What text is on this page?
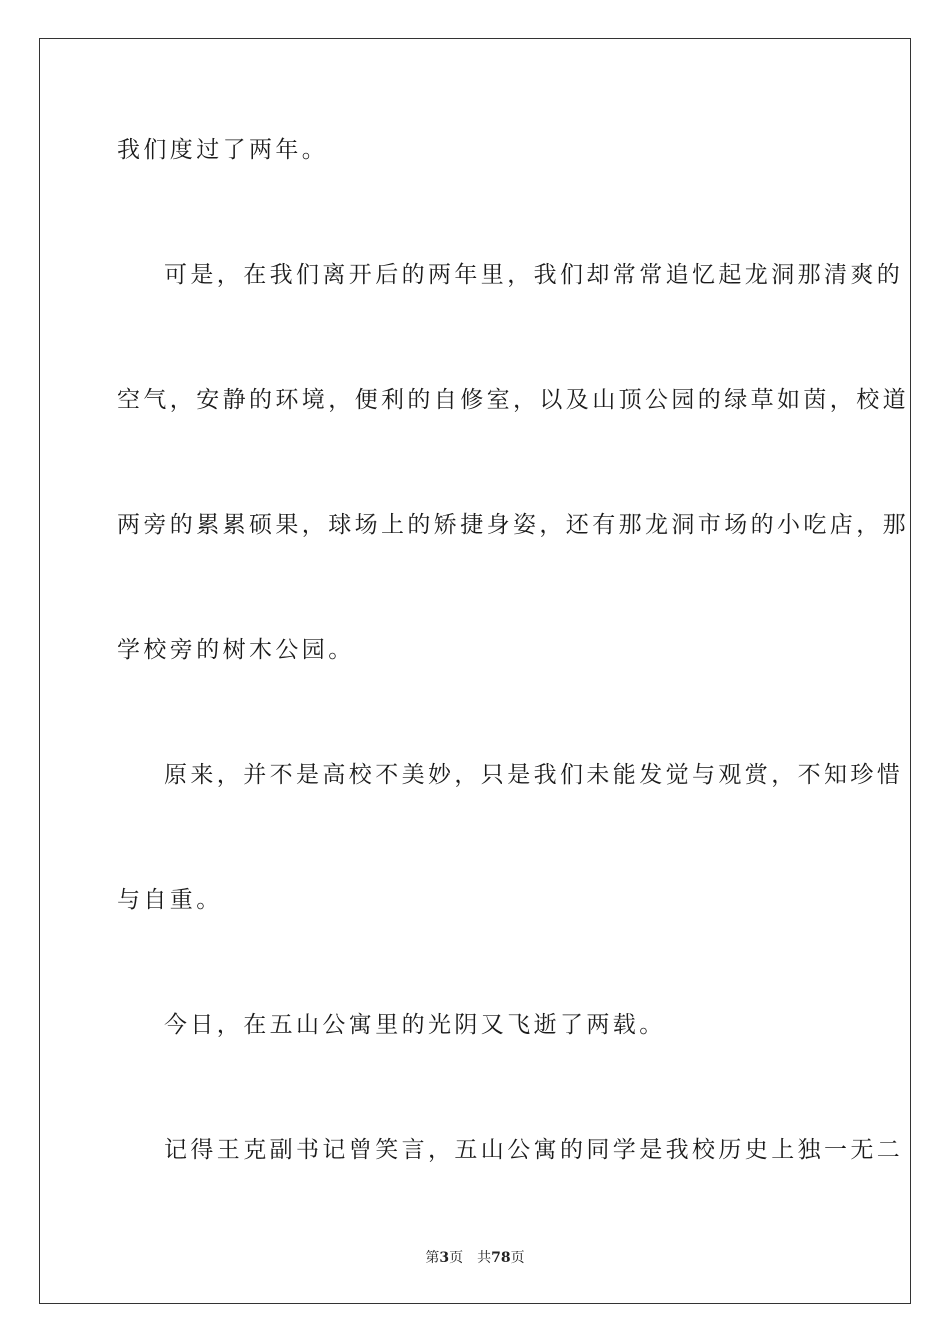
我们度过了两年。
可是，在我们离开后的两年里，我们却常常追忆起龙洞那清爽的
空气，安静的环境，便利的自修室，以及山顶公园的绿草如茵，校道
两旁的累累硕果，球场上的矫捷身姿，还有那龙洞市场的小吃店，那
学校旁的树木公园。
原来，并不是高校不美妙，只是我们未能发觉与观赏，不知珍惜
与自重。
今日，在五山公寓里的光阴又飞逝了两载。
记得王克副书记曾笑言，五山公寓的同学是我校历史上独一无二
第3页 共78页
